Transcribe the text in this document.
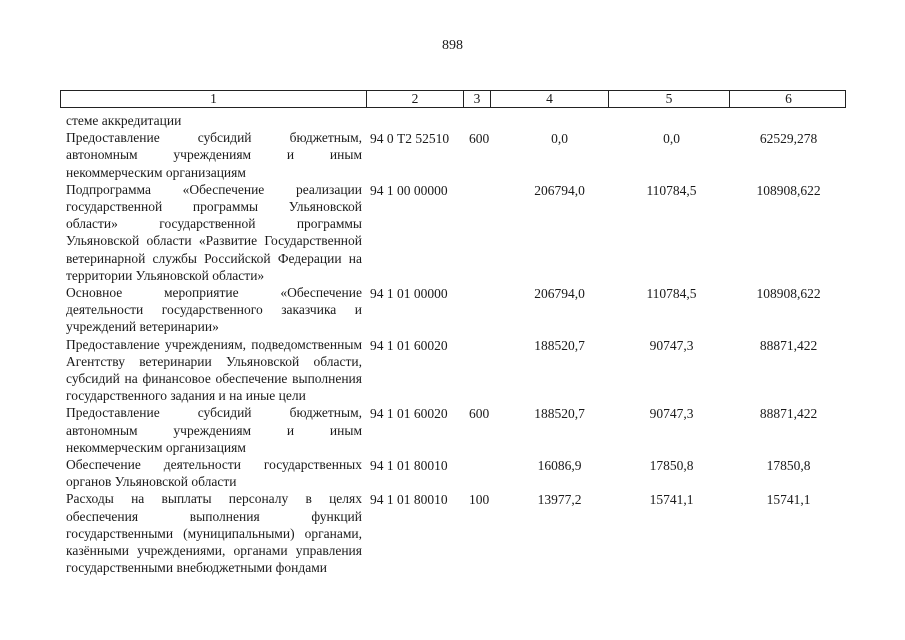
898
1	2	3	4	5	6
стеме аккредитации
Предоставление субсидий бюджетным, автономным учреждениям и иным некоммерческим организациям
94 0 Т2 52510 600	0,0	0,0	62529,278
Подпрограмма «Обеспечение реализации государственной программы Ульяновской области» государственной программы Ульяновской области «Развитие Государственной ветеринарной службы Российской Федерации на территории Ульяновской области»
94 1 00 00000	206794,0	110784,5	108908,622
Основное мероприятие «Обеспечение деятельности государственного заказчика и учреждений ветеринарии»
94 1 01 00000	206794,0	110784,5	108908,622
Предоставление учреждениям, подведомственным Агентству ветеринарии Ульяновской области, субсидий на финансовое обеспечение выполнения государственного задания и на иные цели
94 1 01 60020	188520,7	90747,3	88871,422
Предоставление субсидий бюджетным, автономным учреждениям и иным некоммерческим организациям
94 1 01 60020 600	188520,7	90747,3	88871,422
Обеспечение деятельности государственных органов Ульяновской области
94 1 01 80010	16086,9	17850,8	17850,8
Расходы на выплаты персоналу в целях обеспечения выполнения функций государственными (муниципальными) органами, казёнными учреждениями, органами управления государственными внебюджетными фондами
94 1 01 80010 100	13977,2	15741,1	15741,1
